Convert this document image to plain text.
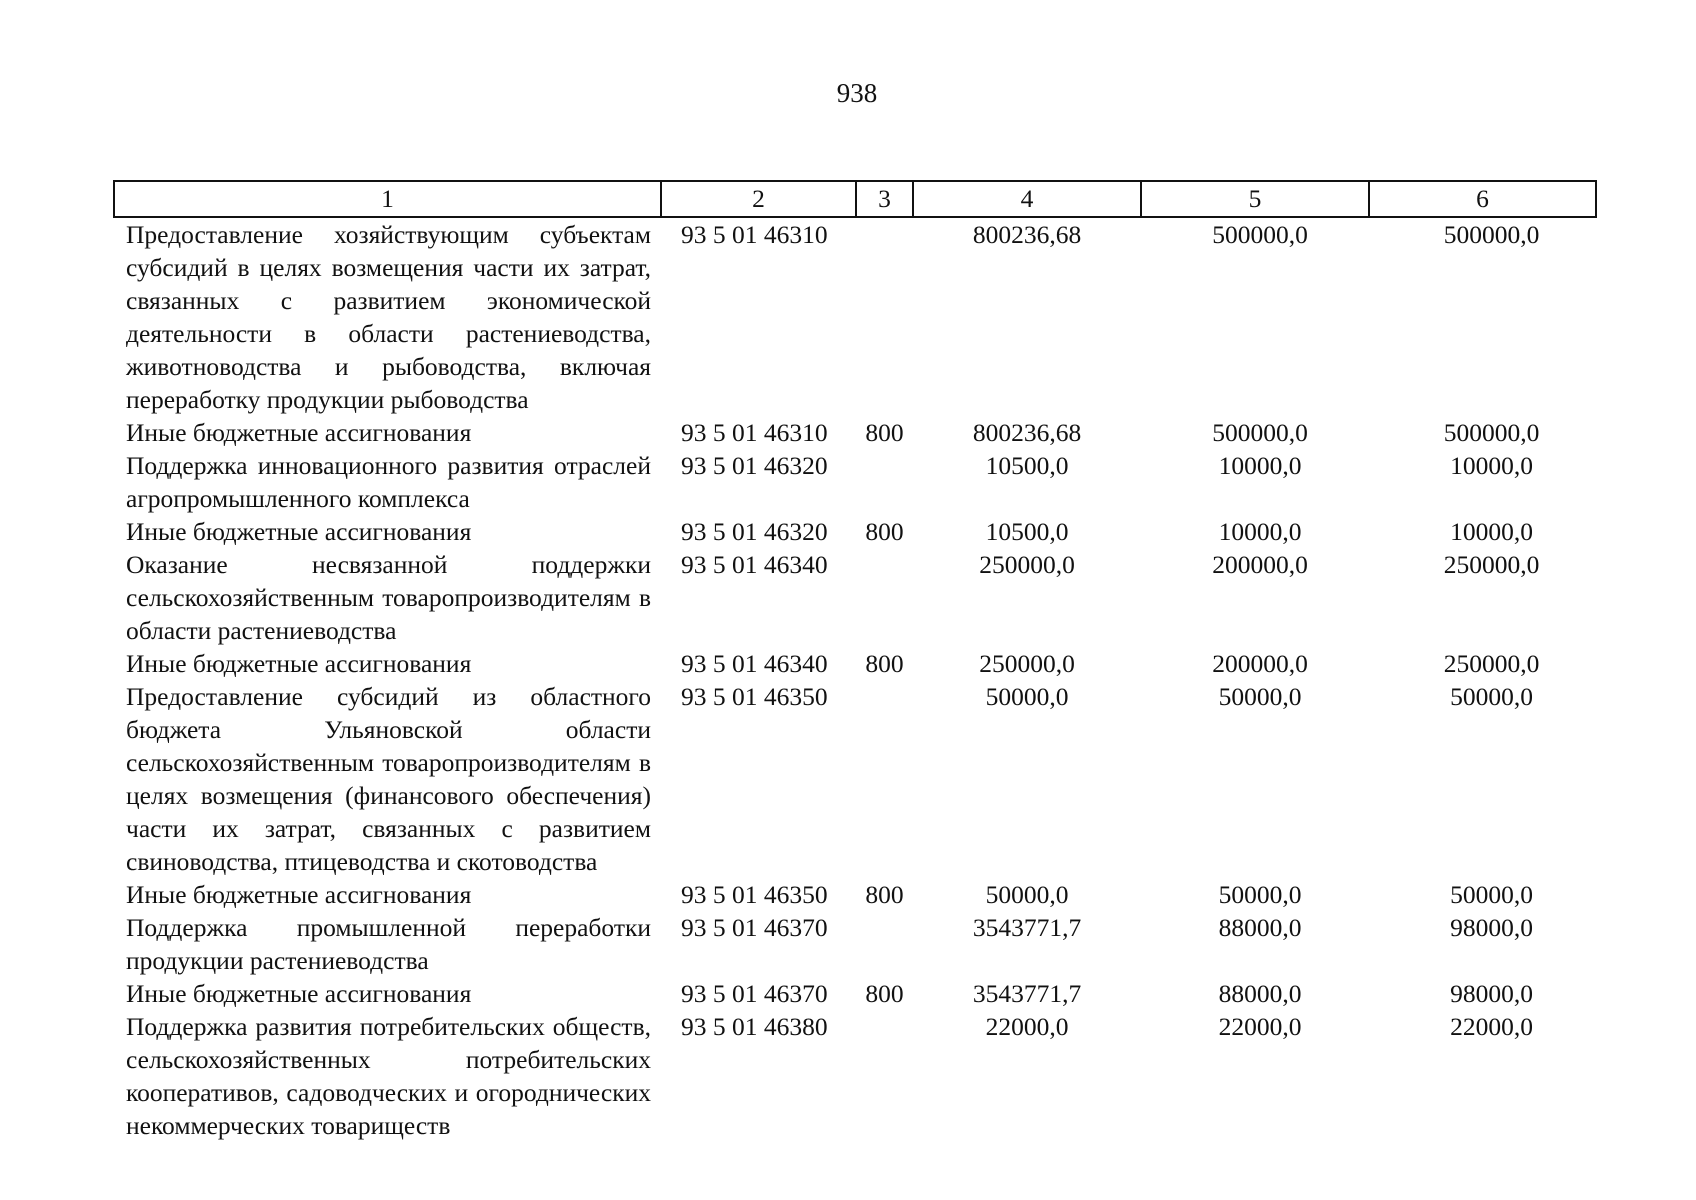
938
1	2	3	4	5	6
Предоставление хозяйствующим субъектам субсидий в целях возмещения части их затрат, связанных с развитием экономической деятельности в области растениеводства, животноводства и рыбоводства, включая переработку продукции рыбоводства	93 5 01 46310		800236,68	500000,0	500000,0
Иные бюджетные ассигнования	93 5 01 46310	800	800236,68	500000,0	500000,0
Поддержка инновационного развития отраслей агропромышленного комплекса	93 5 01 46320		10500,0	10000,0	10000,0
Иные бюджетные ассигнования	93 5 01 46320	800	10500,0	10000,0	10000,0
Оказание несвязанной поддержки сельскохозяйственным товаропроизводителям в области растениеводства	93 5 01 46340		250000,0	200000,0	250000,0
Иные бюджетные ассигнования	93 5 01 46340	800	250000,0	200000,0	250000,0
Предоставление субсидий из областного бюджета Ульяновской области сельскохозяйственным товаропроизводителям в целях возмещения (финансового обеспечения) части их затрат, связанных с развитием свиноводства, птицеводства и скотоводства	93 5 01 46350		50000,0	50000,0	50000,0
Иные бюджетные ассигнования	93 5 01 46350	800	50000,0	50000,0	50000,0
Поддержка промышленной переработки продукции растениеводства	93 5 01 46370		3543771,7	88000,0	98000,0
Иные бюджетные ассигнования	93 5 01 46370	800	3543771,7	88000,0	98000,0
Поддержка развития потребительских обществ, сельскохозяйственных потребительских кооперативов, садоводческих и огороднических некоммерческих товариществ	93 5 01 46380		22000,0	22000,0	22000,0
